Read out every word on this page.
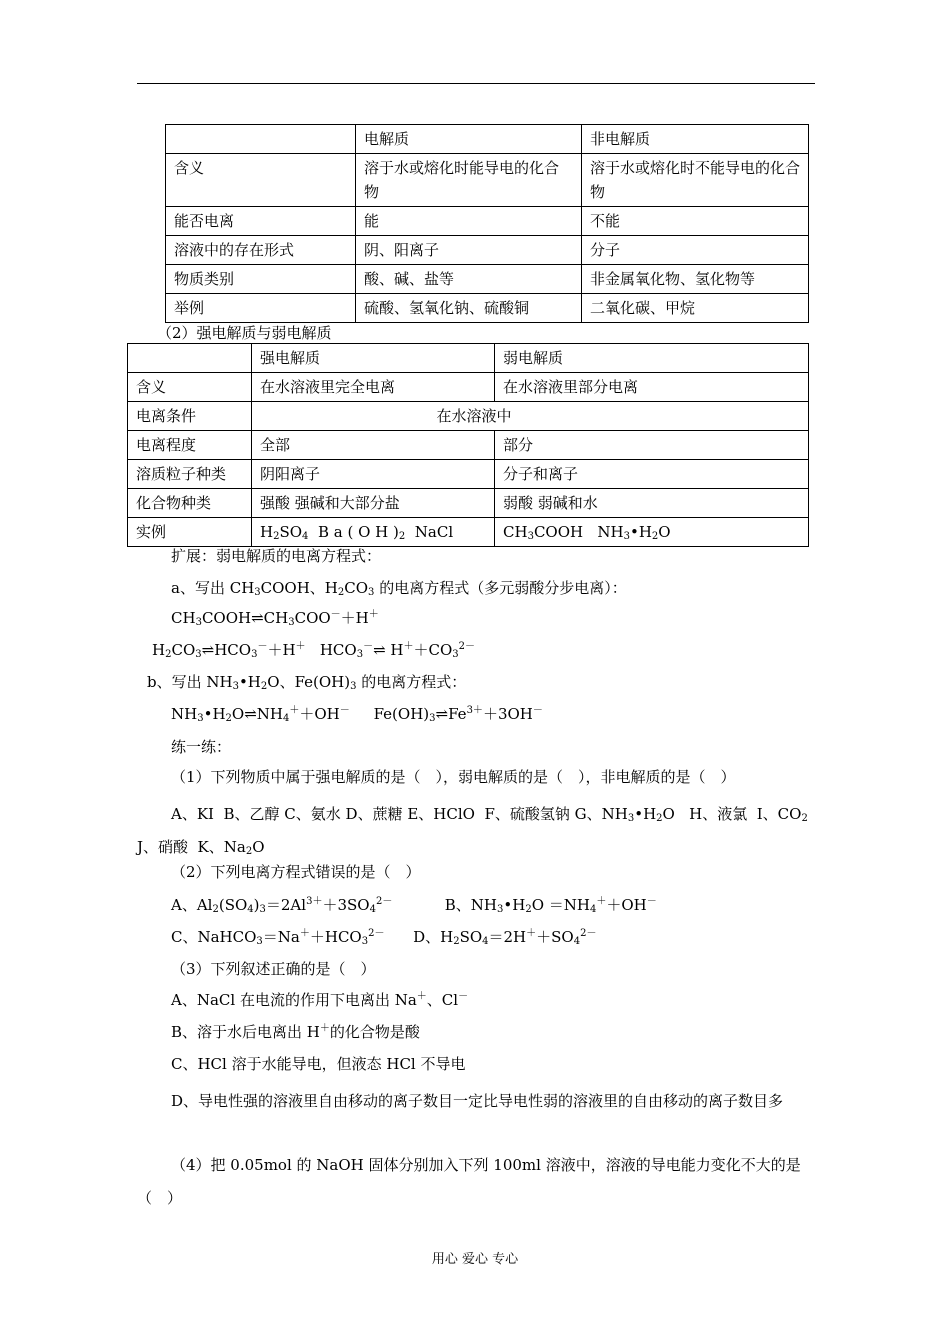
	电解质	非电解质
含义	溶于水或熔化时能导电的化合物	溶于水或熔化时不能导电的化合物
能否电离	能	不能
溶液中的存在形式	阴、阳离子	分子
物质类别	酸、碱、盐等	非金属氧化物、氢化物等
举例	硫酸、氢氧化钠、硫酸铜	二氧化碳、甲烷
（2）强电解质与弱电解质
	强电解质	弱电解质
含义	在水溶液里完全电离	在水溶液里部分电离
电离条件	在水溶液中	
电离程度	全部	部分
溶质粒子种类	阴阳离子	分子和离子
化合物种类	强酸 强碱和大部分盐	弱酸 弱碱和水
实例	$H_2SO_4$  B a ( O H )$_2$  NaCl	$CH_3COOH$   $NH_3•H_2O$
扩展：弱电解质的电离方程式：
a、写出 $CH_3COOH$、$H_2CO_3$ 的电离方程式（多元弱酸分步电离）：
$CH_3COOH\rightleftharpoons CH_3COO^-+H^+$
$H_2CO_3\rightleftharpoons HCO_3^-+H^+$   $HCO_3^-\rightleftharpoons$ $H^++CO_3^{2-}$
b、写出 $NH_3•H_2O$、$Fe(OH)_3$ 的电离方程式：
$NH_3•H_2O\rightleftharpoons NH_4^++OH^-$     $Fe(OH)_3\rightleftharpoons Fe^{3+}+3OH^-$
练一练：
（1）下列物质中属于强电解质的是（　），弱电解质的是（　），非电解质的是（　）
A、KI  B、乙醇 C、氨水 D、蔗糖 E、HClO  F、硫酸氢钠 G、$NH_3•H_2O$   H、液氯  I、$CO_2$  J、硝酸  K、$Na_2O$
（2）下列电离方程式错误的是（　）
A、$Al_2(SO_4)_3=2Al^{3+}+3SO_4^{2-}$           B、$NH_3•H_2O =NH_4^++OH^-$
C、$NaHCO_3=Na^++HCO_3^{2-}$      D、$H_2SO_4=2H^++SO_4^{2-}$
（3）下列叙述正确的是（　）
A、NaCl 在电流的作用下电离出 Na＋、Cl－
B、溶于水后电离出 H＋的化合物是酸
C、HCl 溶于水能导电，但液态 HCl 不导电
D、导电性强的溶液里自由移动的离子数目一定比导电性弱的溶液里的自由移动的离子数目多
（4）把 0.05mol 的 NaOH 固体分别加入下列 100ml 溶液中，溶液的导电能力变化不大的是（　）
用心 爱心 专心
